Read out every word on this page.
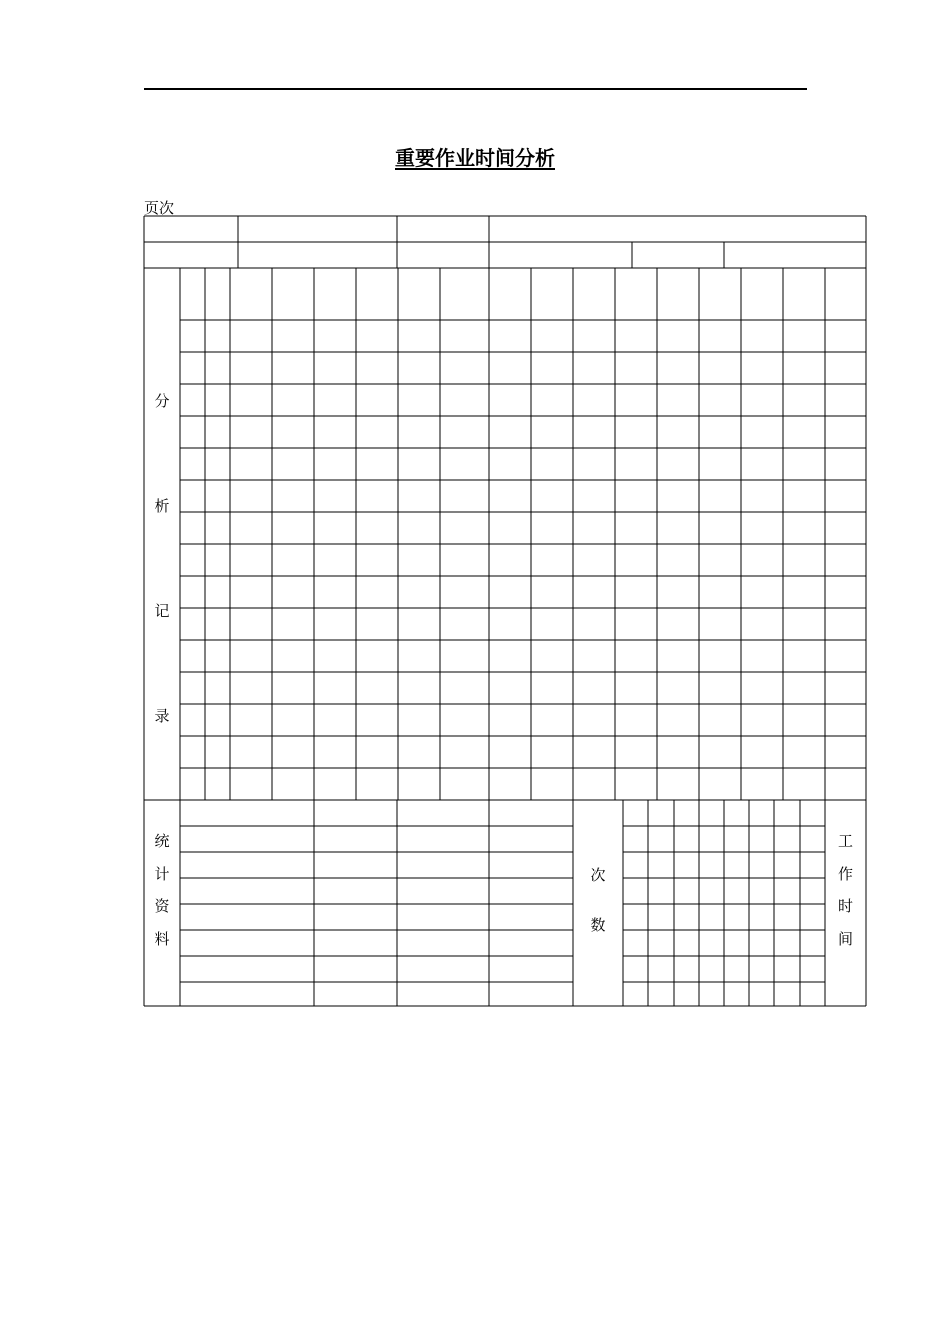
重要作业时间分析
页次
分
析
记
录
统
计
资
料
次
数
工
作
时
间
